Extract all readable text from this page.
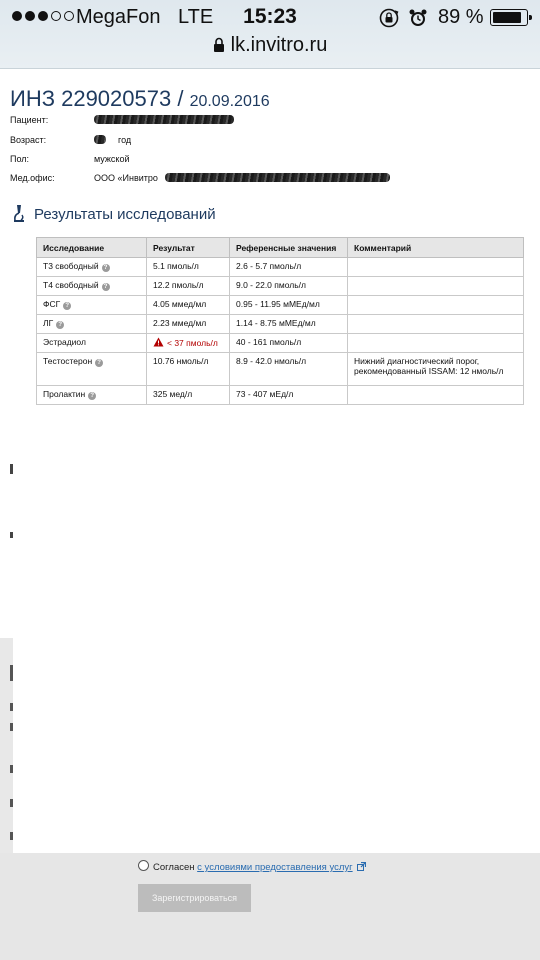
MegaFon LTE	15:23	89 %
lk.invitro.ru
ИНЗ 229020573 / 20.09.2016
Пациент:
Возраст:	год
Пол:	мужской
Мед.офис:	ООО «Инвитро
Результаты исследований
Исследование	Результат	Референсные значения	Комментарий
Т3 свободный ?	5.1 пмоль/л	2.6 - 5.7 пмоль/л	
Т4 свободный ?	12.2 пмоль/л	9.0 - 22.0 пмоль/л	
ФСГ ?	4.05 ммед/мл	0.95 - 11.95 мМЕд/мл	
ЛГ ?	2.23 ммед/мл	1.14 - 8.75 мМЕд/мл	
Эстрадиол	< 37 пмоль/л	40 - 161 пмоль/л	
Тестостерон ?	10.76 нмоль/л	8.9 - 42.0 нмоль/л	Нижний диагностический порог, рекомендованный ISSAM: 12 нмоль/л
Пролактин ?	325 мед/л	73 - 407 мЕд/л	
Согласен с условиями предоставления услуг
Зарегистрироваться
